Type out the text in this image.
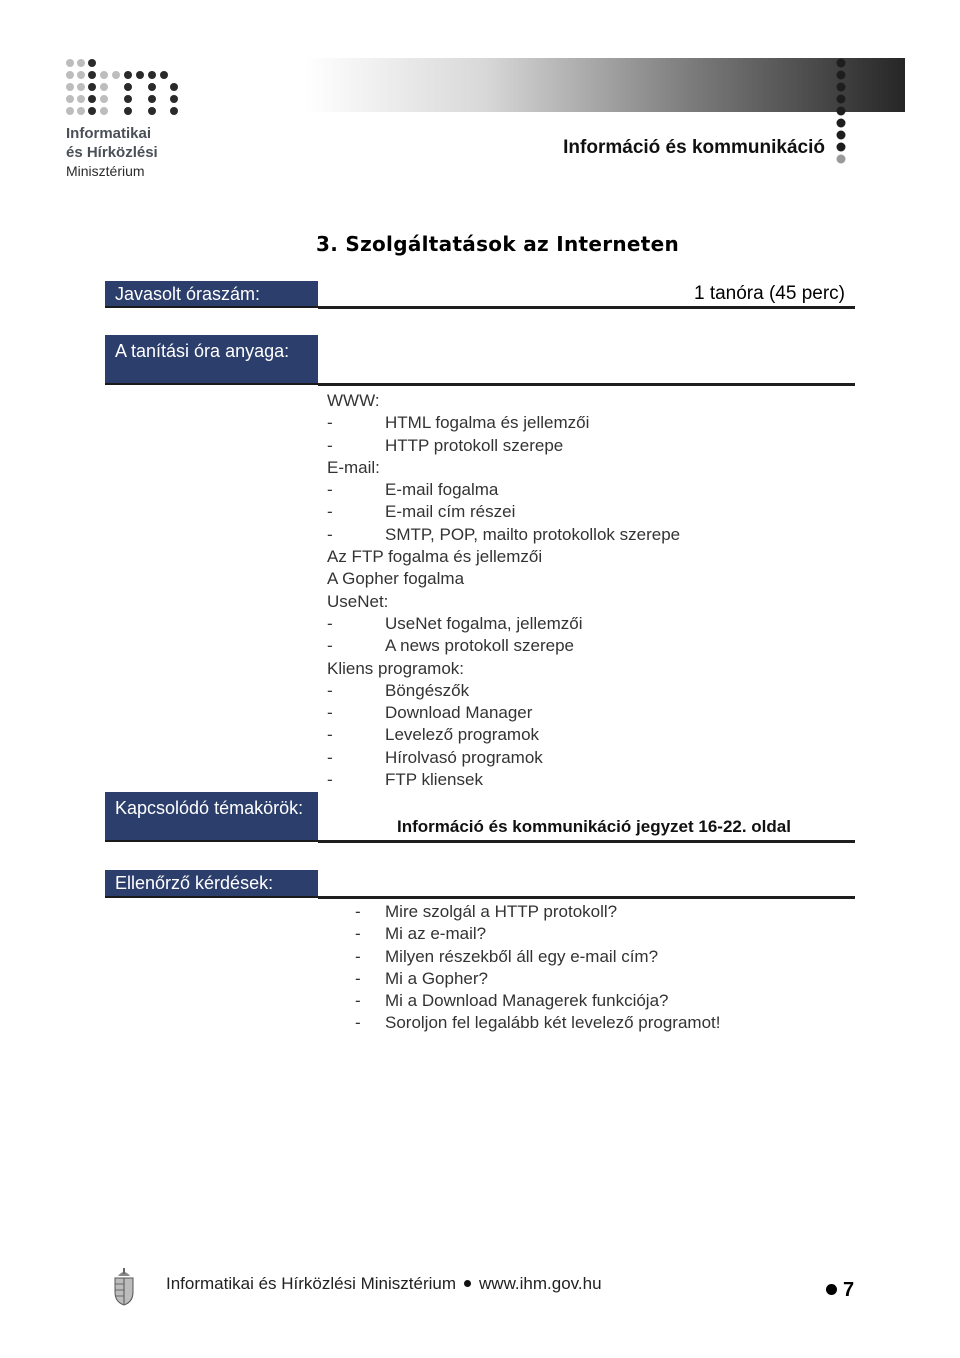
Informatikai
és Hírközlési
Minisztérium
Információ és kommunikáció
3. Szolgáltatások az Interneten
Javasolt óraszám:	1 tanóra (45 perc)
A tanítási óra anyaga:
WWW:
- HTML fogalma és jellemzői
- HTTP protokoll szerepe
E-mail:
- E-mail fogalma
- E-mail cím részei
- SMTP, POP, mailto protokollok szerepe
Az FTP fogalma és jellemzői
A Gopher fogalma
UseNet:
- UseNet fogalma, jellemzői
- A news protokoll szerepe
Kliens programok:
- Böngészők
- Download Manager
- Levelező programok
- Hírolvasó programok
- FTP kliensek
Kapcsolódó témakörök:
Információ és kommunikáció jegyzet 16-22. oldal
Ellenőrző kérdések:
- Mire szolgál a HTTP protokoll?
- Mi az e-mail?
- Milyen részekből áll egy e-mail cím?
- Mi a Gopher?
- Mi a Download Managerek funkciója?
- Soroljon fel legalább két levelező programot!
Informatikai és Hírközlési Minisztérium www.ihm.gov.hu	7
